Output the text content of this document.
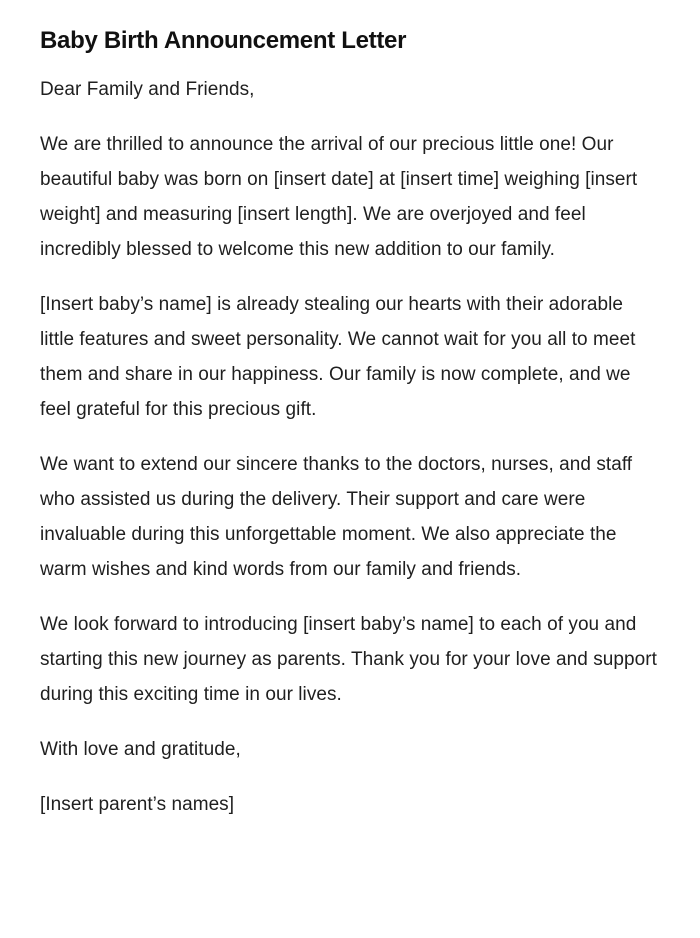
Baby Birth Announcement Letter

Dear Family and Friends,

We are thrilled to announce the arrival of our precious little one! Our beautiful baby was born on [insert date] at [insert time] weighing [insert weight] and measuring [insert length]. We are overjoyed and feel incredibly blessed to welcome this new addition to our family.

[Insert baby’s name] is already stealing our hearts with their adorable little features and sweet personality. We cannot wait for you all to meet them and share in our happiness. Our family is now complete, and we feel grateful for this precious gift.

We want to extend our sincere thanks to the doctors, nurses, and staff who assisted us during the delivery. Their support and care were invaluable during this unforgettable moment. We also appreciate the warm wishes and kind words from our family and friends.

We look forward to introducing [insert baby’s name] to each of you and starting this new journey as parents. Thank you for your love and support during this exciting time in our lives.

With love and gratitude,

[Insert parent’s names]
